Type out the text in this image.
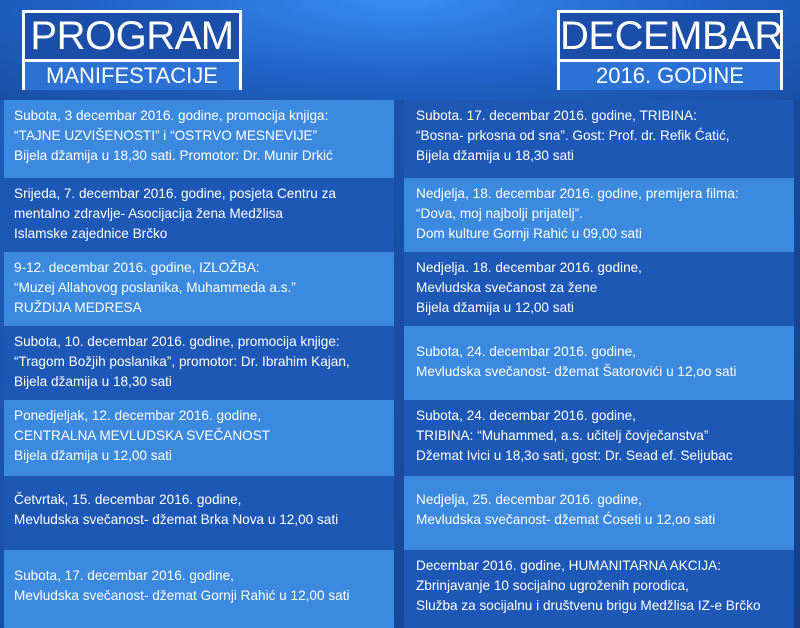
PROGRAM
MANIFESTACIJE
DECEMBAR
2016. GODINE
Subota, 3 decembar 2016. godine, promocija knjiga:
“TAJNE UZVIŠENOSTI” i “OSTRVO MESNEVIJE”
Bijela džamija u 18,30 sati. Promotor: Dr. Munir Drkić
Srijeda, 7. decembar 2016. godine, posjeta Centru za
mentalno zdravlje- Asocijacija žena Medžlisa
Islamske zajednice Brčko
9-12. decembar 2016. godine, IZLOŽBA:
“Muzej Allahovog poslanika, Muhammeda a.s.”
RUŽDIJA MEDRESA
Subota, 10. decembar 2016. godine, promocija knjige:
“Tragom Božjih poslanika”, promotor: Dr. Ibrahim Kajan,
Bijela džamija u 18,30 sati
Ponedjeljak, 12. decembar 2016. godine,
CENTRALNA MEVLUDSKA SVEČANOST
Bijela džamija u 12,00 sati
Četvrtak, 15. decembar 2016. godine,
Mevludska svečanost- džemat Brka Nova u 12,00 sati
Subota, 17. decembar 2016. godine,
Mevludska svečanost- džemat Gornji Rahić u 12,00 sati
Subota. 17. decembar 2016. godine, TRIBINA:
“Bosna- prkosna od sna”. Gost: Prof. dr. Refik Ćatić,
Bijela džamija u 18,30 sati
Nedjelja, 18. decembar 2016. godine, premijera filma:
“Dova, moj najbolji prijatelj”.
Dom kulture Gornji Rahić u 09,00 sati
Nedjelja. 18. decembar 2016. godine,
Mevludska svečanost za žene
Bijela džamija u 12,00 sati
Subota, 24. decembar 2016. godine,
Mevludska svečanost- džemat Šatorovići u 12,oo sati
Subota, 24. decembar 2016. godine,
TRIBINA: “Muhammed, a.s. učitelj čovječanstva”
Džemat Ivici u 18,3o sati, gost: Dr. Sead ef. Seljubac
Nedjelja, 25. decembar 2016. godine,
Mevludska svečanost- džemat Ćoseti u 12,oo sati
Decembar 2016. godine, HUMANITARNA AKCIJA:
Zbrinjavanje 10 socijalno ugroženih porodica,
Služba za socijalnu i društvenu brigu Medžlisa IZ-e Brčko
